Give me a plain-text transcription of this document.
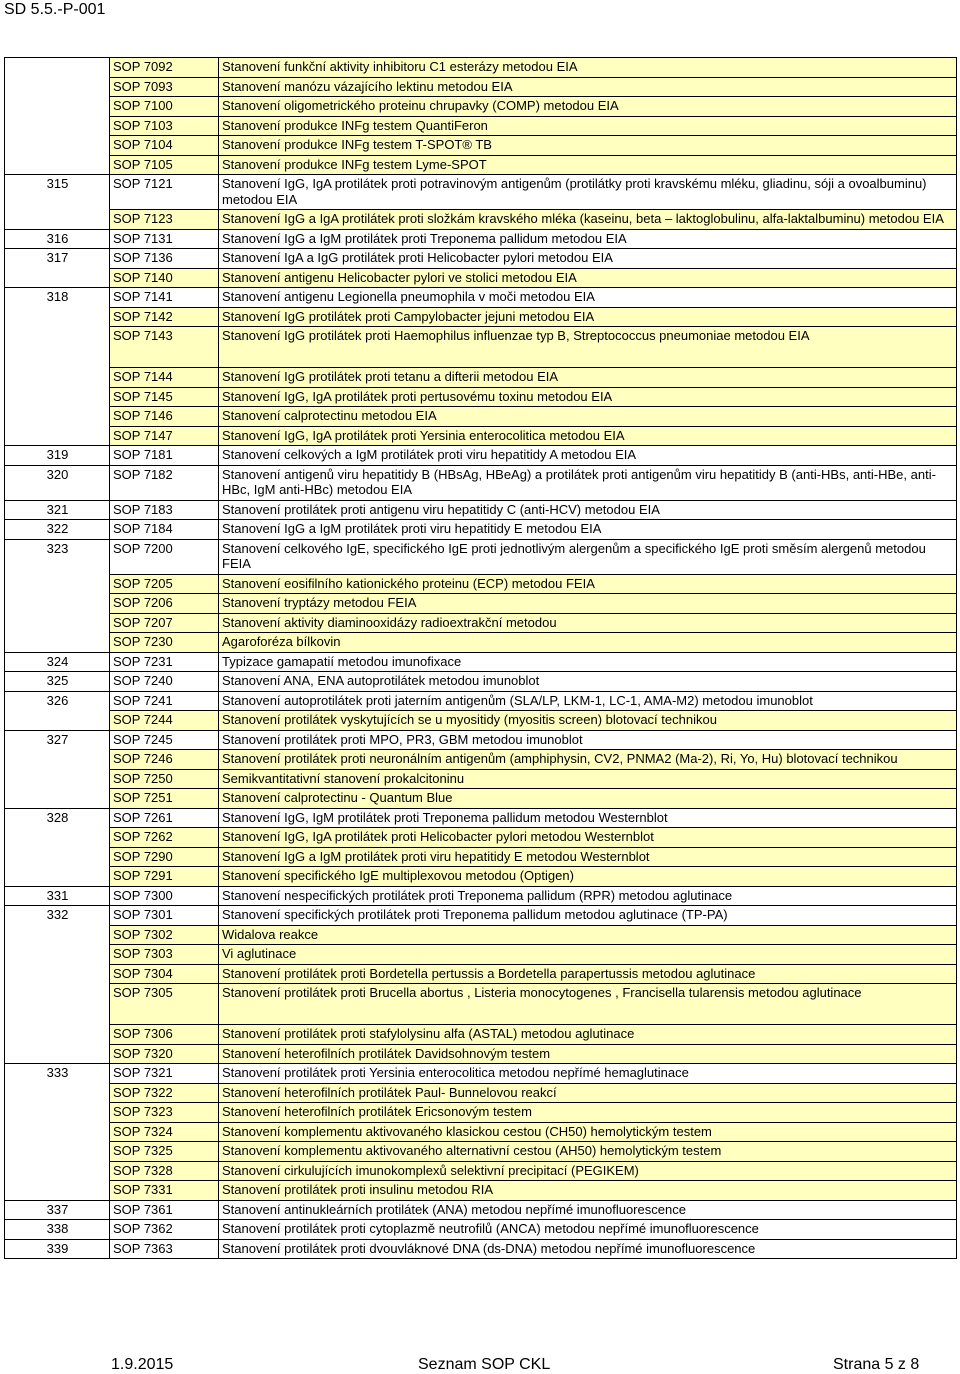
SD 5.5.-P-001
	SOP 7092	Stanovení funkční aktivity inhibitoru C1 esterázy metodou EIA
	SOP 7093	Stanovení manózu vázajícího lektinu metodou EIA
	SOP 7100	Stanovení oligometrického proteinu chrupavky (COMP) metodou EIA
	SOP 7103	Stanovení produkce INFg testem QuantiFeron
	SOP 7104	Stanovení produkce INFg testem T-SPOT® TB
	SOP 7105	Stanovení produkce INFg testem Lyme-SPOT
315	SOP 7121	Stanovení IgG, IgA protilátek proti potravinovým antigenům (protilátky proti kravskému mléku, gliadinu, sóji a ovoalbuminu) metodou EIA
	SOP 7123	Stanovení IgG a IgA protilátek proti složkám kravského mléka (kaseinu, beta – laktoglobulinu, alfa-laktalbuminu) metodou EIA
316	SOP 7131	Stanovení IgG a IgM protilátek proti Treponema pallidum metodou EIA
317	SOP 7136	Stanovení IgA a IgG protilátek proti Helicobacter pylori metodou EIA
	SOP 7140	Stanovení antigenu Helicobacter pylori ve stolici metodou EIA
318	SOP 7141	Stanovení antigenu Legionella pneumophila v moči metodou EIA
	SOP 7142	Stanovení IgG protilátek proti Campylobacter jejuni metodou EIA
	SOP 7143	Stanovení IgG protilátek proti Haemophilus influenzae typ B, Streptococcus pneumoniae metodou EIA
	SOP 7144	Stanovení IgG protilátek proti tetanu a difterii metodou EIA
	SOP 7145	Stanovení IgG, IgA protilátek proti pertusovému toxinu metodou EIA
	SOP 7146	Stanovení calprotectinu metodou EIA
	SOP 7147	Stanovení IgG, IgA protilátek proti Yersinia enterocolitica metodou EIA
319	SOP 7181	Stanovení celkových a IgM protilátek proti viru hepatitidy A metodou EIA
320	SOP 7182	Stanovení antigenů viru hepatitidy B (HBsAg, HBeAg) a protilátek proti antigenům viru hepatitidy B (anti-HBs, anti-HBe, anti-HBc, IgM anti-HBc) metodou EIA
321	SOP 7183	Stanovení protilátek proti antigenu viru hepatitidy C (anti-HCV) metodou EIA
322	SOP 7184	Stanovení IgG a IgM protilátek proti viru hepatitidy E metodou EIA
323	SOP 7200	Stanovení celkového IgE, specifického IgE proti jednotlivým alergenům a specifického IgE proti směsím alergenů metodou FEIA
	SOP 7205	Stanovení eosifilního kationického proteinu (ECP) metodou FEIA
	SOP 7206	Stanovení tryptázy metodou FEIA
	SOP 7207	Stanovení aktivity diaminooxidázy radioextrakční metodou
	SOP 7230	Agaroforéza bílkovin
324	SOP 7231	Typizace gamapatií metodou imunofixace
325	SOP 7240	Stanovení ANA, ENA autoprotilátek metodou imunoblot
326	SOP 7241	Stanovení autoprotilátek proti jaterním antigenům (SLA/LP, LKM-1, LC-1, AMA-M2) metodou imunoblot
	SOP 7244	Stanovení protilátek vyskytujících se u myositidy (myositis screen) blotovací technikou
327	SOP 7245	Stanovení protilátek proti MPO, PR3, GBM metodou imunoblot
	SOP 7246	Stanovení protilátek proti neuronálním antigenům (amphiphysin, CV2, PNMA2 (Ma-2), Ri, Yo, Hu) blotovací technikou
	SOP 7250	Semikvantitativní stanovení prokalcitoninu
	SOP 7251	Stanovení calprotectinu - Quantum Blue
328	SOP 7261	Stanovení IgG, IgM protilátek proti Treponema pallidum metodou Westernblot
	SOP 7262	Stanovení IgG, IgA protilátek proti Helicobacter pylori metodou Westernblot
	SOP 7290	Stanovení IgG a IgM protilátek proti viru hepatitidy E metodou Westernblot
	SOP 7291	Stanovení specifického IgE multiplexovou metodou (Optigen)
331	SOP 7300	Stanovení nespecifických protilátek proti Treponema pallidum (RPR) metodou aglutinace
332	SOP 7301	Stanovení specifických protilátek proti Treponema pallidum metodou aglutinace (TP-PA)
	SOP 7302	Widalova reakce
	SOP 7303	Vi aglutinace
	SOP 7304	Stanovení protilátek proti Bordetella pertussis a Bordetella parapertussis metodou aglutinace
	SOP 7305	Stanovení protilátek proti Brucella abortus , Listeria monocytogenes , Francisella tularensis metodou aglutinace
	SOP 7306	Stanovení protilátek proti stafylolysinu alfa (ASTAL) metodou aglutinace
	SOP 7320	Stanovení heterofilních protilátek Davidsohnovým testem
333	SOP 7321	Stanovení protilátek proti Yersinia enterocolitica metodou nepřímé hemaglutinace
	SOP 7322	Stanovení heterofilních protilátek Paul- Bunnelovou reakcí
	SOP 7323	Stanovení heterofilních protilátek Ericsonovým testem
	SOP 7324	Stanovení komplementu aktivovaného klasickou cestou (CH50) hemolytickým testem
	SOP 7325	Stanovení komplementu aktivovaného alternativní cestou (AH50) hemolytickým testem
	SOP 7328	Stanovení cirkulujících imunokomplexů selektivní precipitací (PEGIKEM)
	SOP 7331	Stanovení protilátek proti insulinu metodou RIA
337	SOP 7361	Stanovení antinukleárních protilátek (ANA) metodou nepřímé imunofluorescence
338	SOP 7362	Stanovení protilátek proti cytoplazmě neutrofilů (ANCA) metodou nepřímé imunofluorescence
339	SOP 7363	Stanovení protilátek proti dvouvláknové DNA (ds-DNA) metodou nepřímé imunofluorescence
1.9.2015	Seznam SOP CKL	Strana 5 z 8
